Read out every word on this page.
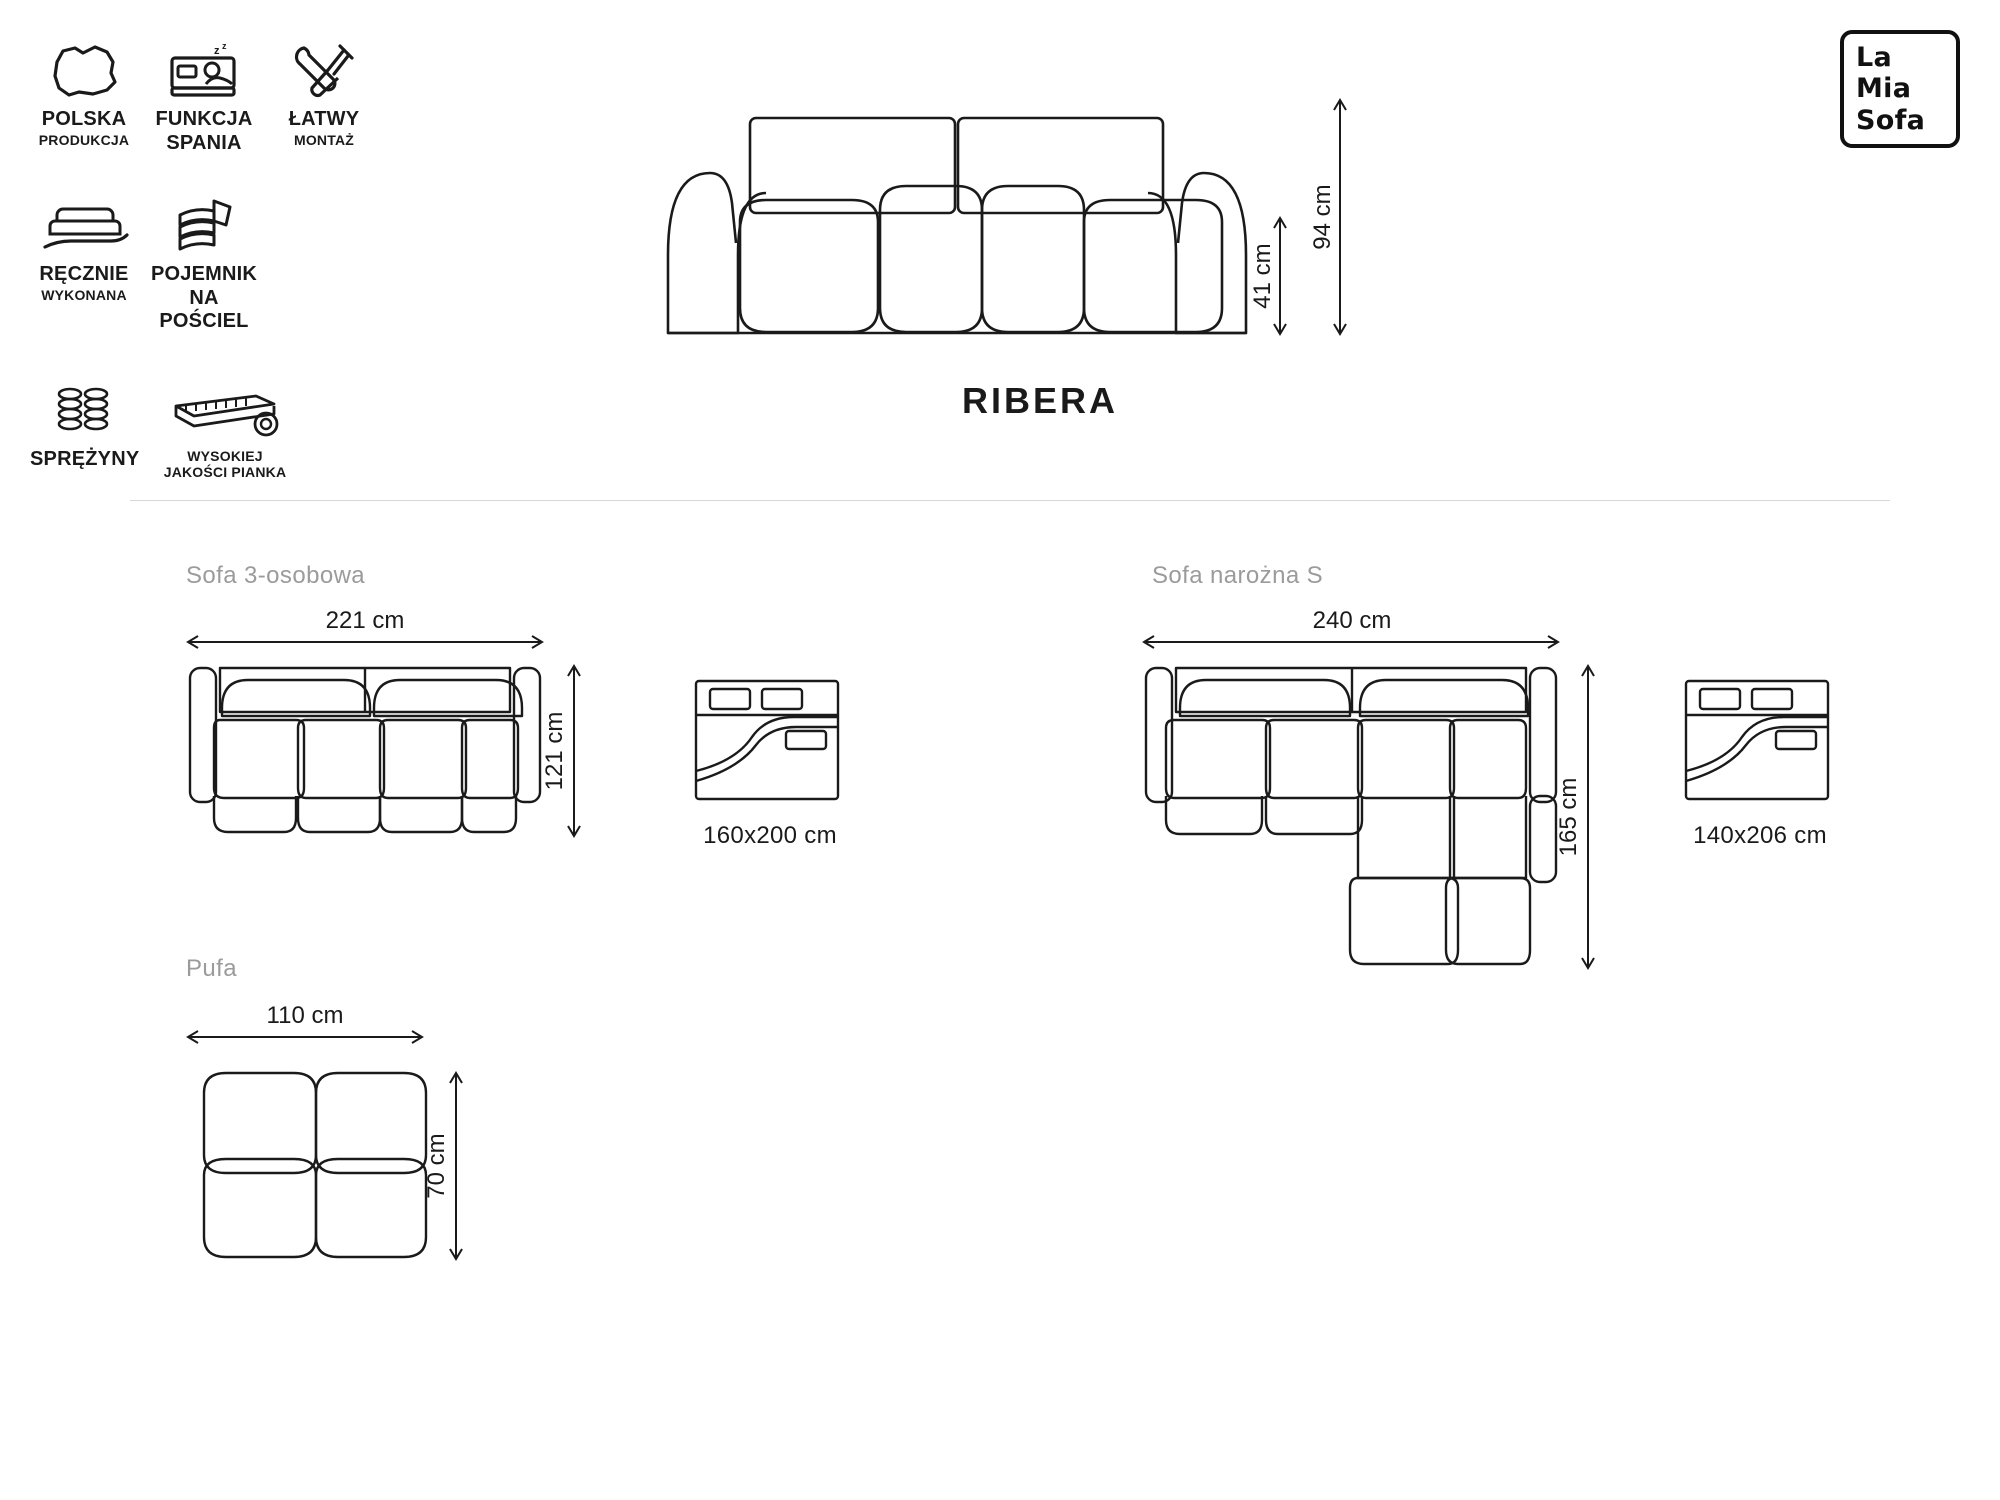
POLSKA
PRODUKCJA
z z
FUNKCJA
SPANIA
ŁATWY
MONTAŻ
RĘCZNIE
WYKONANA
POJEMNIK
NA POŚCIEL
SPRĘŻYNY	WYSOKIEJ
JAKOŚCI PIANKA
La
Mia
Sofa
94 cm
41 cm
RIBERA
Sofa 3-osobowa
221 cm
121 cm
160x200 cm
Sofa narożna S
240 cm
165 cm	140x206 cm
Pufa
110 cm
70 cm
